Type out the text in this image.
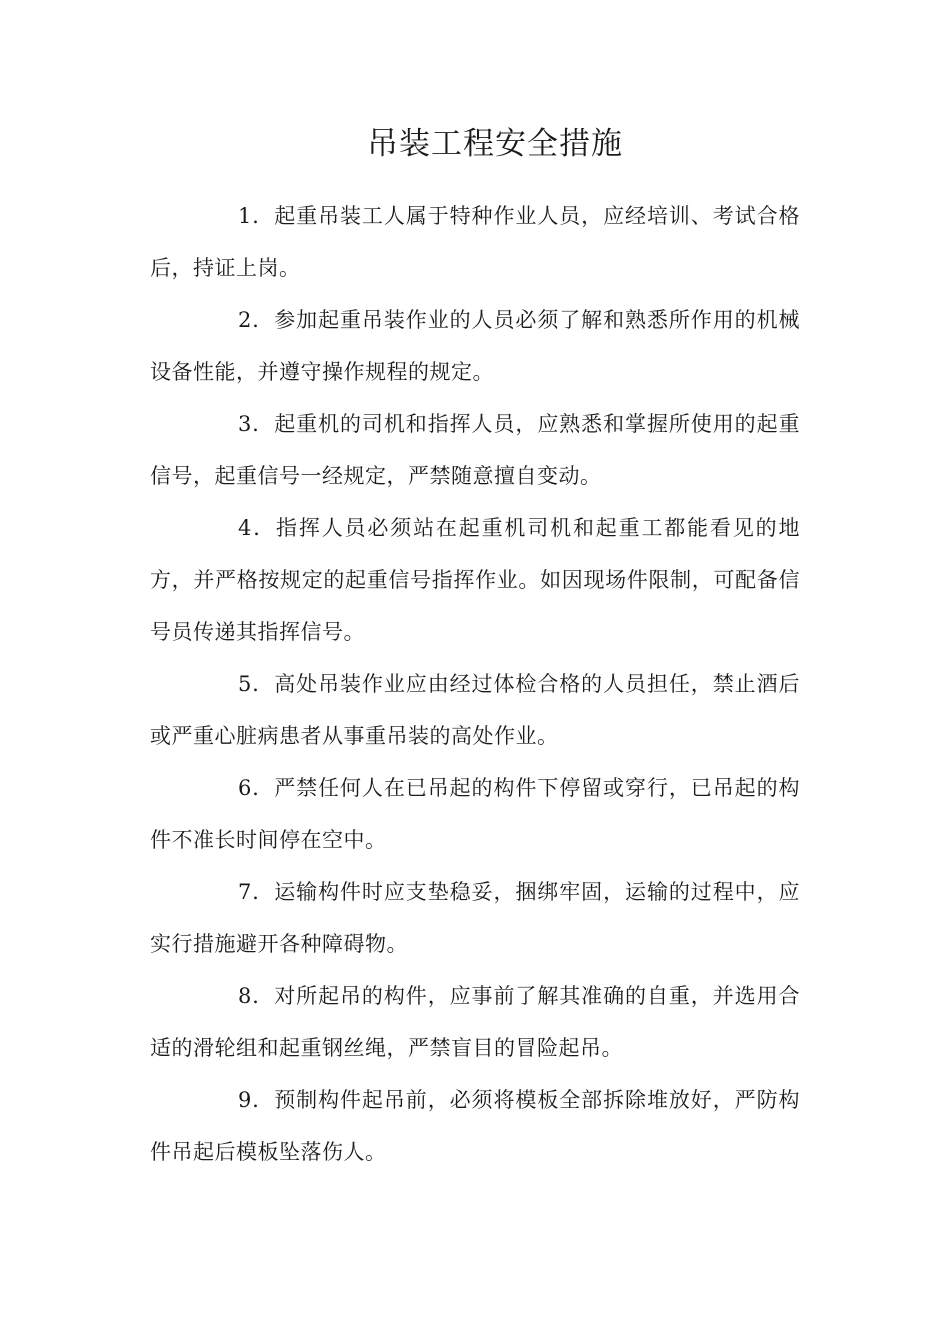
吊装工程安全措施

1．起重吊装工人属于特种作业人员，应经培训、考试合格后，持证上岗。

2．参加起重吊装作业的人员必须了解和熟悉所作用的机械设备性能，并遵守操作规程的规定。

3．起重机的司机和指挥人员，应熟悉和掌握所使用的起重信号，起重信号一经规定，严禁随意擅自变动。

4．指挥人员必须站在起重机司机和起重工都能看见的地方，并严格按规定的起重信号指挥作业。如因现场件限制，可配备信号员传递其指挥信号。

5．高处吊装作业应由经过体检合格的人员担任，禁止酒后或严重心脏病患者从事重吊装的高处作业。

6．严禁任何人在已吊起的构件下停留或穿行，已吊起的构件不准长时间停在空中。

7．运输构件时应支垫稳妥，捆绑牢固，运输的过程中，应实行措施避开各种障碍物。

8．对所起吊的构件，应事前了解其准确的自重，并选用合适的滑轮组和起重钢丝绳，严禁盲目的冒险起吊。

9．预制构件起吊前，必须将模板全部拆除堆放好，严防构件吊起后模板坠落伤人。
